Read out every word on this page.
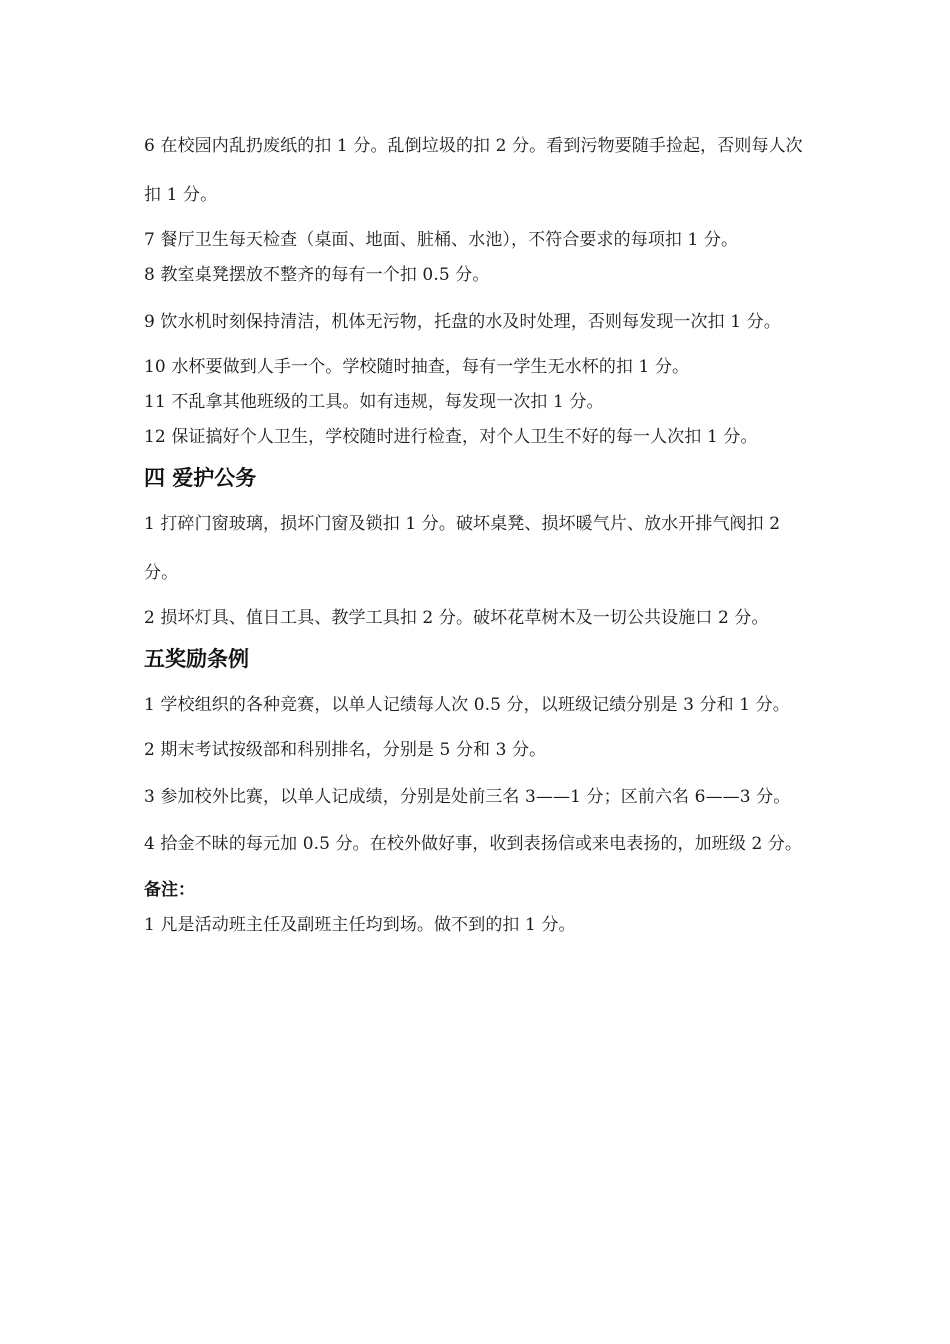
6 在校园内乱扔废纸的扣 1 分。乱倒垃圾的扣 2 分。看到污物要随手捡起，否则每人次扣 1 分。

7 餐厅卫生每天检查（桌面、地面、脏桶、水池），不符合要求的每项扣 1 分。

8 教室桌凳摆放不整齐的每有一个扣 0.5 分。

9 饮水机时刻保持清洁，机体无污物，托盘的水及时处理，否则每发现一次扣 1 分。

10 水杯要做到人手一个。学校随时抽查，每有一学生无水杯的扣 1 分。

11 不乱拿其他班级的工具。如有违规，每发现一次扣 1 分。

12 保证搞好个人卫生，学校随时进行检查，对个人卫生不好的每一人次扣 1 分。

四 爱护公务

1 打碎门窗玻璃，损坏门窗及锁扣 1 分。破坏桌凳、损坏暖气片、放水开排气阀扣 2 分。

2 损坏灯具、值日工具、教学工具扣 2 分。破坏花草树木及一切公共设施口 2 分。

五奖励条例

1 学校组织的各种竞赛，以单人记绩每人次 0.5 分，以班级记绩分别是 3 分和 1 分。

2 期末考试按级部和科别排名，分别是 5 分和 3 分。

3 参加校外比赛，以单人记成绩，分别是处前三名 3——1 分；区前六名 6——3 分。

4 拾金不昧的每元加 0.5 分。在校外做好事，收到表扬信或来电表扬的，加班级 2 分。

备注：

1 凡是活动班主任及副班主任均到场。做不到的扣 1 分。
